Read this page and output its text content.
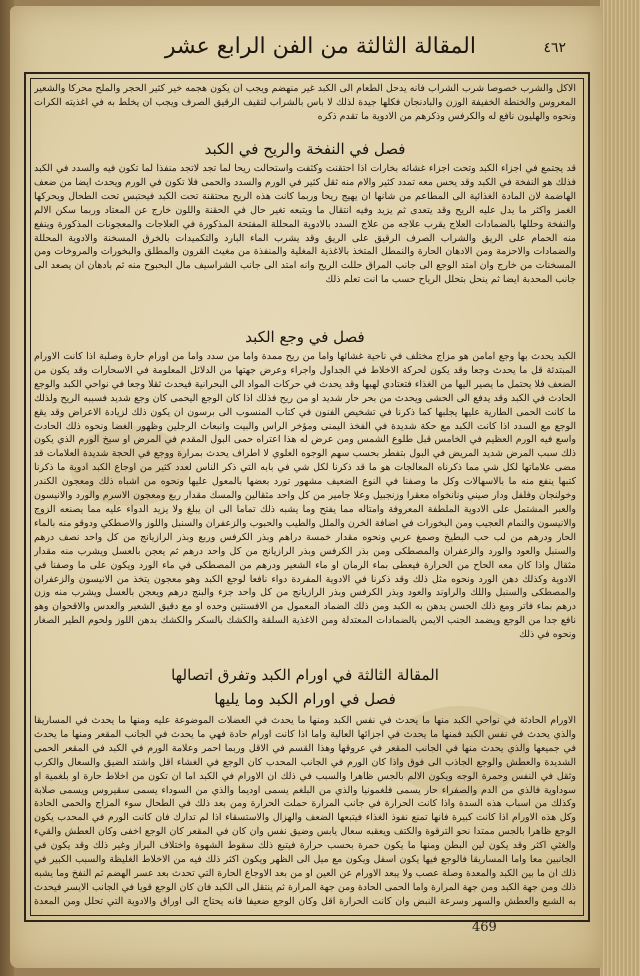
المقالة الثالثة من الفن الرابع عشر	٤٦٢
الاكل والشرب خصوصا شرب الشراب فانه يدحل الطعام الى الكبد غير منهضم ويجب ان يكون هجمه خير كثير الحجر والملح محركا والشعير المعروس والخنطة الخفيفة الوزن والبادنجان فكلها جيدة لذلك لا باس بالشراب لتقيف الرقيق الصرف ويجب ان يخلط به في اغذيته الكرات ونحوه والهليون نافع له والكرفس وذكرهم من الادوية ما تقدم ذكره
فصل في النفخة والريح في الكبد
قد يجتمع في اجزاء الكبد وتحت اجزاء غشائه بخارات اذا احتقنت وكثفت واستحالت ريحا لما تجد لاتجد منفذا لما تكون فيه والسدد في الكبد فذلك هو النفخة في الكبد وقد يحس معه تمدد كثير والام منه ثقل كثير في الورم والسدد والحمى فلا تكون في الورم ويحدث ايضا من ضعف الهاضمة لان المادة الغذائية الى المطاعم من شانها ان يهيج ريحا وربما كانت هذه الريح محتقنة تحت الكبد فيحتبس تحت الطحال ويحركها الغمز واكثر ما يدل عليه الريح وقد يتعدى ثم يزيد وفيه انتقال ما ويتبعه تغير حال في الحقنة واللون خارج عن المعتاد وربما سكن الالم والنفخة وحللها بالضمادات العلاج يقرب علاجه من علاج السدد بالادوية المحللة المفتحة المذكورة في العلاجات والمعجونات المذكورة وينفع منه الحمام على الريق والشراب الصرف الرقيق على الريق وقد يشرب الماء البارد والتكميدات بالخرق المسخنة والادوية المحللة والضمادات والاحزمة ومن الادهان الحارة والنمطل المتخذ بالاغذية المغلية والمنفذة من مغيث القرون والمطلق والبخورات والمروخات ومن المسخنات من خارج وان امتد الوجع الى جانب المراق حللت الريح وانه امتد الى جانب الشراسيف مال البحبوح منه ثم بادهان ان يصعد الى جانب المحدبة ايضا ثم ينحل بتحلل الرياح حسب ما انت تعلم ذلك
فصل في وجع الكبد
الكبد يحدث بها وجع امامن هو مزاج مختلف في ناحية غشائها واما من ريح ممدة واما من سدد واما من اورام حارة وصلبة اذا كانت الاورام المبتدئة قل ما يحدث وجعا وقد يكون لحركة الاخلاط في الجداول واجراء وعرض جهتها من الدلائل المعلومة في الاسحارات وقد يكون من الضعف فلا يحتمل ما يصير اليها من الغذاء فتعتادي لهبها وقد يحدث في حركات المواد الى البحرانية فيحدث ثقلا وجعا في نواحي الكبد والوجع الحادث في الكبد وقد يدفع الى الحشى ويحدث من بحر حار شديد او من ريح فذلك اذا كان الوجع اليحمى كان وجع شديد فسببه الريح ولذلك ما كانت الحمى الطارية عليها يجلبها كما ذكرنا في تشخيص الفنون في كتاب المنسوب الى برسون ان يكون ذلك لزيادة الاعراض وقد يقع الوجع مع السدد اذا كانت الكبد مع حكة شديدة في الفخذ اليمنى ومؤخر الراس والبيت وانبعاث الرجلين وظهور الغضا ونحوه ذلك الحادث واسع فيه الورم العظيم في الخامس قبل طلوع الشمس ومن عرض له هذا اعتراه حمى البول المقدم في المرض او سيخ الورم الذي يكون ذلك سبب المرض شديد المريض في البول بتفطر بحسب سهم الوجوه العلوي لا اطراف يحدث بمرارة ووجع في الحجة شديدة العلامات قد مضى علاماتها لكل شي مما ذكرناه المعالجات هو ما قد ذكرنا لكل شي في بابه التي ذكر الناس لعدد كثير من اوجاع الكبد ادوية ما ذكرنا كتبها ينفع منه ما بالاسهالات وكل ما وصفنا في النوع الضعيف مشهور تورد بعضها بالمعول عليها ونحوه من اشباه ذلك ومعجون الكندر وخولنجان وفلفل ودار صيني ونانخواه معقرا وزنجبيل وعلا جامير من كل واحد مثقالين والمسك مقدار ربع ومعجون الاسرم والورد والانيسون والعبر المشتمل على الادوية الملطفة المعروفة وامتاله مما يفتح وما يشبه ذلك تماما الى ان يبلغ ولا يزيد الدواء عليه مما يصنعه الزوج والانيسون والنمام العجيب ومن البخورات في اضافة الخرن والملل والطيب والحبوب والزعفران والسنبل واللوز والاصطكي ودوقو منه بالماء الحار ودرهم من لب حب البطيخ وصمغ عربي ونحوه مقدار خمسة دراهم وبذر الكرفس وربع وبذر الرازيانج من كل واحد نصف درهم والسنبل والعود والورد والزعفران والمصطكى ومن بذر الكرفس وبذر الرازيانج من كل واحد درهم ثم يعجن بالعسل ويشرب منه مقدار مثقال واذا كان معه الحاح من الحرارة فيعطى بماء الرمان او ماء الشعير ودرهم من المصطكى في ماء الورد ويكون على ما وصفنا في الادوية وكذلك دهن الورد ونحوه مثل ذلك وقد ذكرنا في الادوية المفردة دواء نافعا لوجع الكبد وهو معجون يتخذ من الانيسون والزعفران والمصطكى والسنبل واللك والراوند والعود وبذر الكرفس وبذر الرازيانج من كل واحد جزء والبنج درهم ويعجن بالعسل ويشرب منه وزن درهم بماء فاتر ومع ذلك الحسن يدهن به الكبد ومن ذلك الضماد المعمول من الافسنتين وحده او مع دقيق الشعير والعدس والاقحوان وهو نافع جدا من الوجع ويضمد الجنب الايمن بالضمادات المعتدلة ومن الاغذية السلقة والكشك بالسكر والكشك بدهن اللوز ولحوم الطير الصغار ونحوه في ذلك
المقالة الثالثة في اورام الكبد وتفرق اتصالها
فصل في اورام الكبد وما يليها
الاورام الحادثة في نواحي الكبد منها ما يحدث في نفس الكبد ومنها ما يحدث في العضلات الموضوعة عليه ومنها ما يحدث في المساريقا والذي يحدث في نفس الكبد فمنها ما يحدث في اجزائها العالية واما اذا كانت اورام حادة فهي ما يحدث في الجانب المقعر ومنها ما يحدث في جميعها والذي يحدث منها في الجانب المقعر في عروقها وهذا القسم في الاقل وربما احمر وعلامة الورم في الكبد في المقعر الحمى الشديدة والعطش والوجع الجاذب الى فوق واذا كان الورم في الجانب المحدب كان الوجع في الغشاء اقل واشتد الضيق والسعال والكرب وثقل في النفس وحمرة الوجه ويكون الالم بالجس ظاهرا والسبب في ذلك ان الاورام في الكبد اما ان تكون من اخلاط حارة او بلغمية او سوداوية فالذي من الدم والصفراء حار يسمى فلغمونيا والذي من البلغم يسمى اوديما والذي من السوداء يسمى سقيروس ويسمى صلابة وكذلك من اسباب هذه السدة واذا كانت الحرارة في جانب المرارة حملت الحرارة ومن بعد ذلك في الطحال سوء المزاج والحمى الحادة وكل هذه الاورام اذا كانت كبيرة فانها تمنع نفوذ الغذاء فيتبعها الضعف والهزال والاستسقاء اذا لم تدارك فان كانت الورم في المحدب يكون الوجع ظاهرا بالجس ممتدا نحو الترقوة والكتف ويعقبه سعال يابس وضيق نفس وان كان في المقعر كان الوجع اخفى وكان العطش والقيء والغثي اكثر وقد يكون لين البطن ومنها ما يكون حمرة بحسب حرارة فيتبع ذلك سقوط الشهوة واختلاف البراز وغير ذلك وقد يكون في الجانبين معا واما المساريقا فالوجع فيها يكون اسفل ويكون مع ميل الى الظهر ويكون اكثر ذلك فيه من الاخلاط الغليظة والسبب الكبير في ذلك ان ما بين الكبد والمعدة وصلة عصب ولا يبعد الاورام عن العين او من بعد الاوجاع الحارة التي تحدث بعد عسر الهضم ثم النفخ وما يشبه ذلك ومن جهة الكبد ومن جهة المرارة واما الحمى الحادة ومن جهة المرارة ثم ينتقل الى الكبد فان كان الوجع قويا في الجانب الايسر فيحدث به الشبع والعطش والسهر وسرعة النبض وان كانت الحرارة اقل وكان الوجع ضعيفا فانه يحتاج الى اوراق والادوية التي تحلل ومن المعدة
469
